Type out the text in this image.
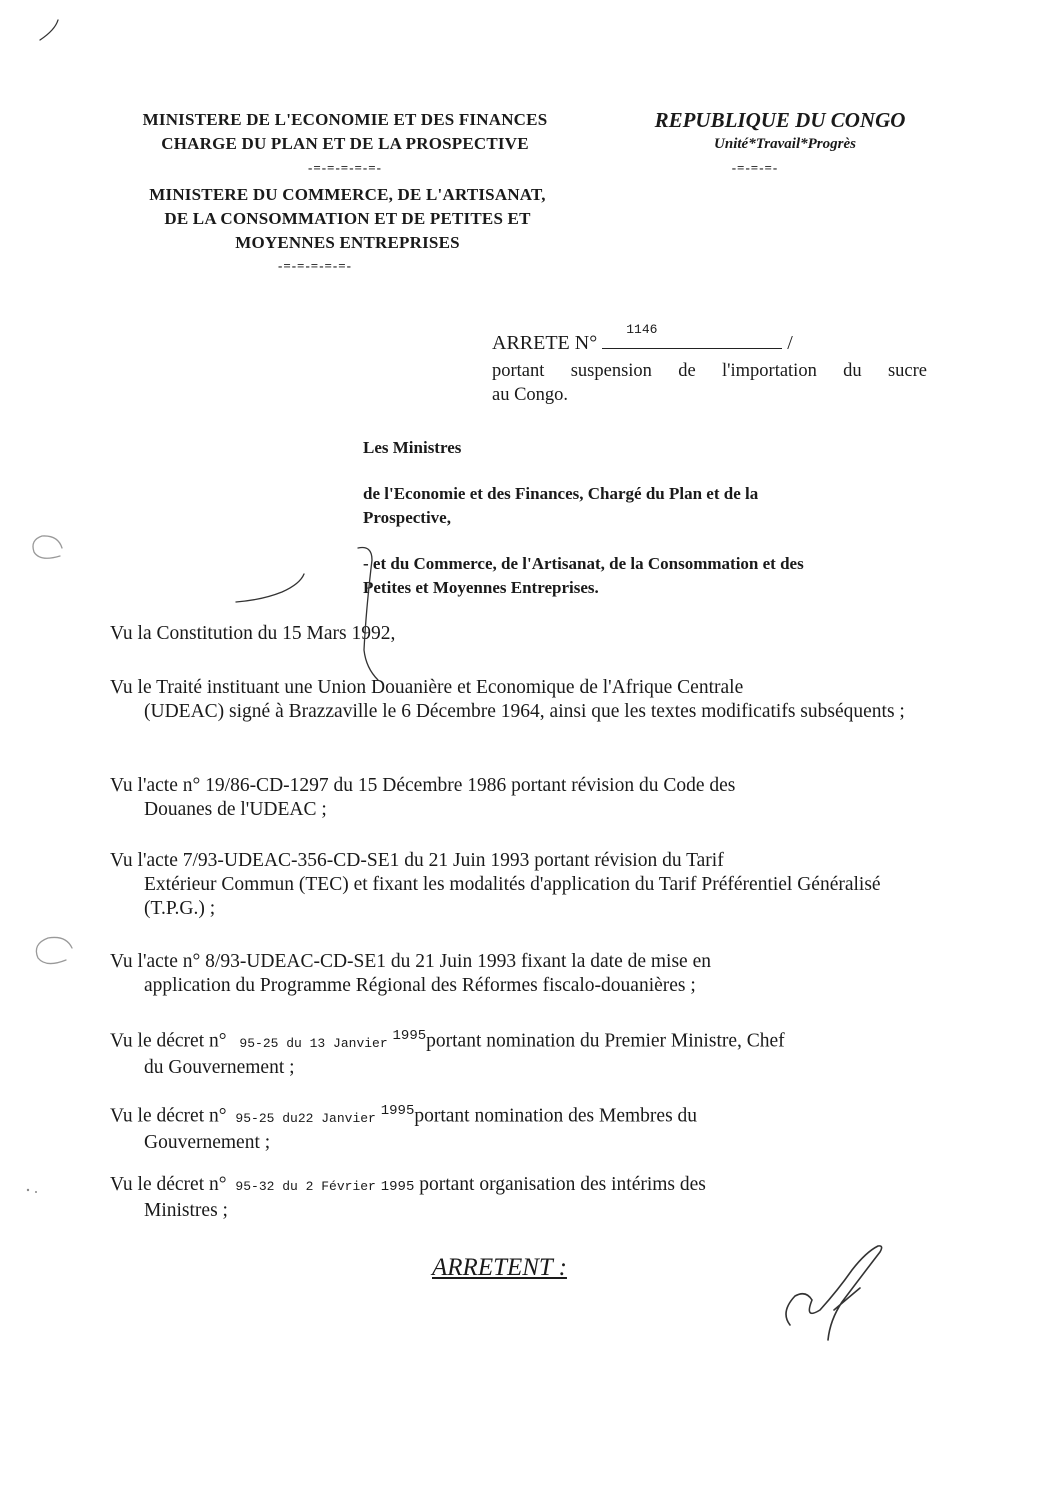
MINISTERE DE L'ECONOMIE ET DES FINANCES
CHARGE DU PLAN ET DE LA PROSPECTIVE
-=-=-=-=-=-
MINISTERE DU COMMERCE, DE L'ARTISANAT,
DE LA CONSOMMATION ET DE PETITES ET
MOYENNES ENTREPRISES
-=-=-=-=-=-
REPUBLIQUE DU CONGO
Unité*Travail*Progrès
-=-=-=-
ARRETE N°
1146
/
portant suspension de l'importation du sucre
au Congo.
Les Ministres
de l'Economie et des Finances, Chargé du Plan et de la
Prospective,
- et du Commerce, de l'Artisanat, de la Consommation et des
Petites et Moyennes Entreprises.
Vu la Constitution du 15 Mars 1992,
Vu le Traité instituant une Union Douanière et Economique de l'Afrique Centrale
(UDEAC) signé à Brazzaville le 6 Décembre 1964, ainsi que les textes modificatifs subséquents ;
Vu l'acte n° 19/86-CD-1297 du 15 Décembre 1986 portant révision du Code des
Douanes de l'UDEAC ;
Vu l'acte 7/93-UDEAC-356-CD-SE1 du 21 Juin 1993 portant révision du Tarif
Extérieur Commun (TEC) et fixant les modalités d'application du Tarif Préférentiel Généralisé (T.P.G.) ;
Vu l'acte n° 8/93-UDEAC-CD-SE1 du 21 Juin 1993 fixant la date de mise en
application du Programme Régional des Réformes fiscalo-douanières ;
Vu le décret n° 95-25 du 13 Janvier $^{1995}$portant nomination du Premier Ministre, Chef
du Gouvernement ;
Vu le décret n° 95-25 du22 Janvier $^{1995}$portant nomination des Membres du
Gouvernement ;
Vu le décret n° 95-32 du 2 Février 1995 portant organisation des intérims des
Ministres ;
ARRETENT :
